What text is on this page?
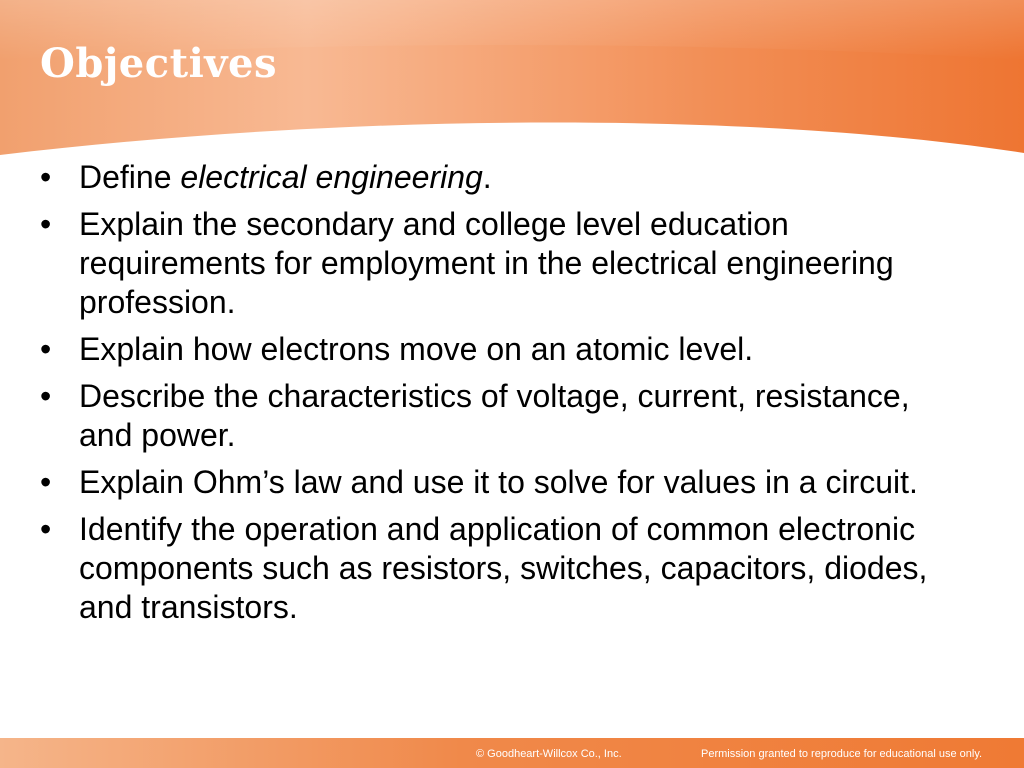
Objectives
• Define electrical engineering.
• Explain the secondary and college level education requirements for employment in the electrical engineering profession.
• Explain how electrons move on an atomic level.
• Describe the characteristics of voltage, current, resistance, and power.
• Explain Ohm’s law and use it to solve for values in a circuit.
• Identify the operation and application of common electronic components such as resistors, switches, capacitors, diodes, and transistors.
© Goodheart-Willcox Co., Inc.	Permission granted to reproduce for educational use only.
